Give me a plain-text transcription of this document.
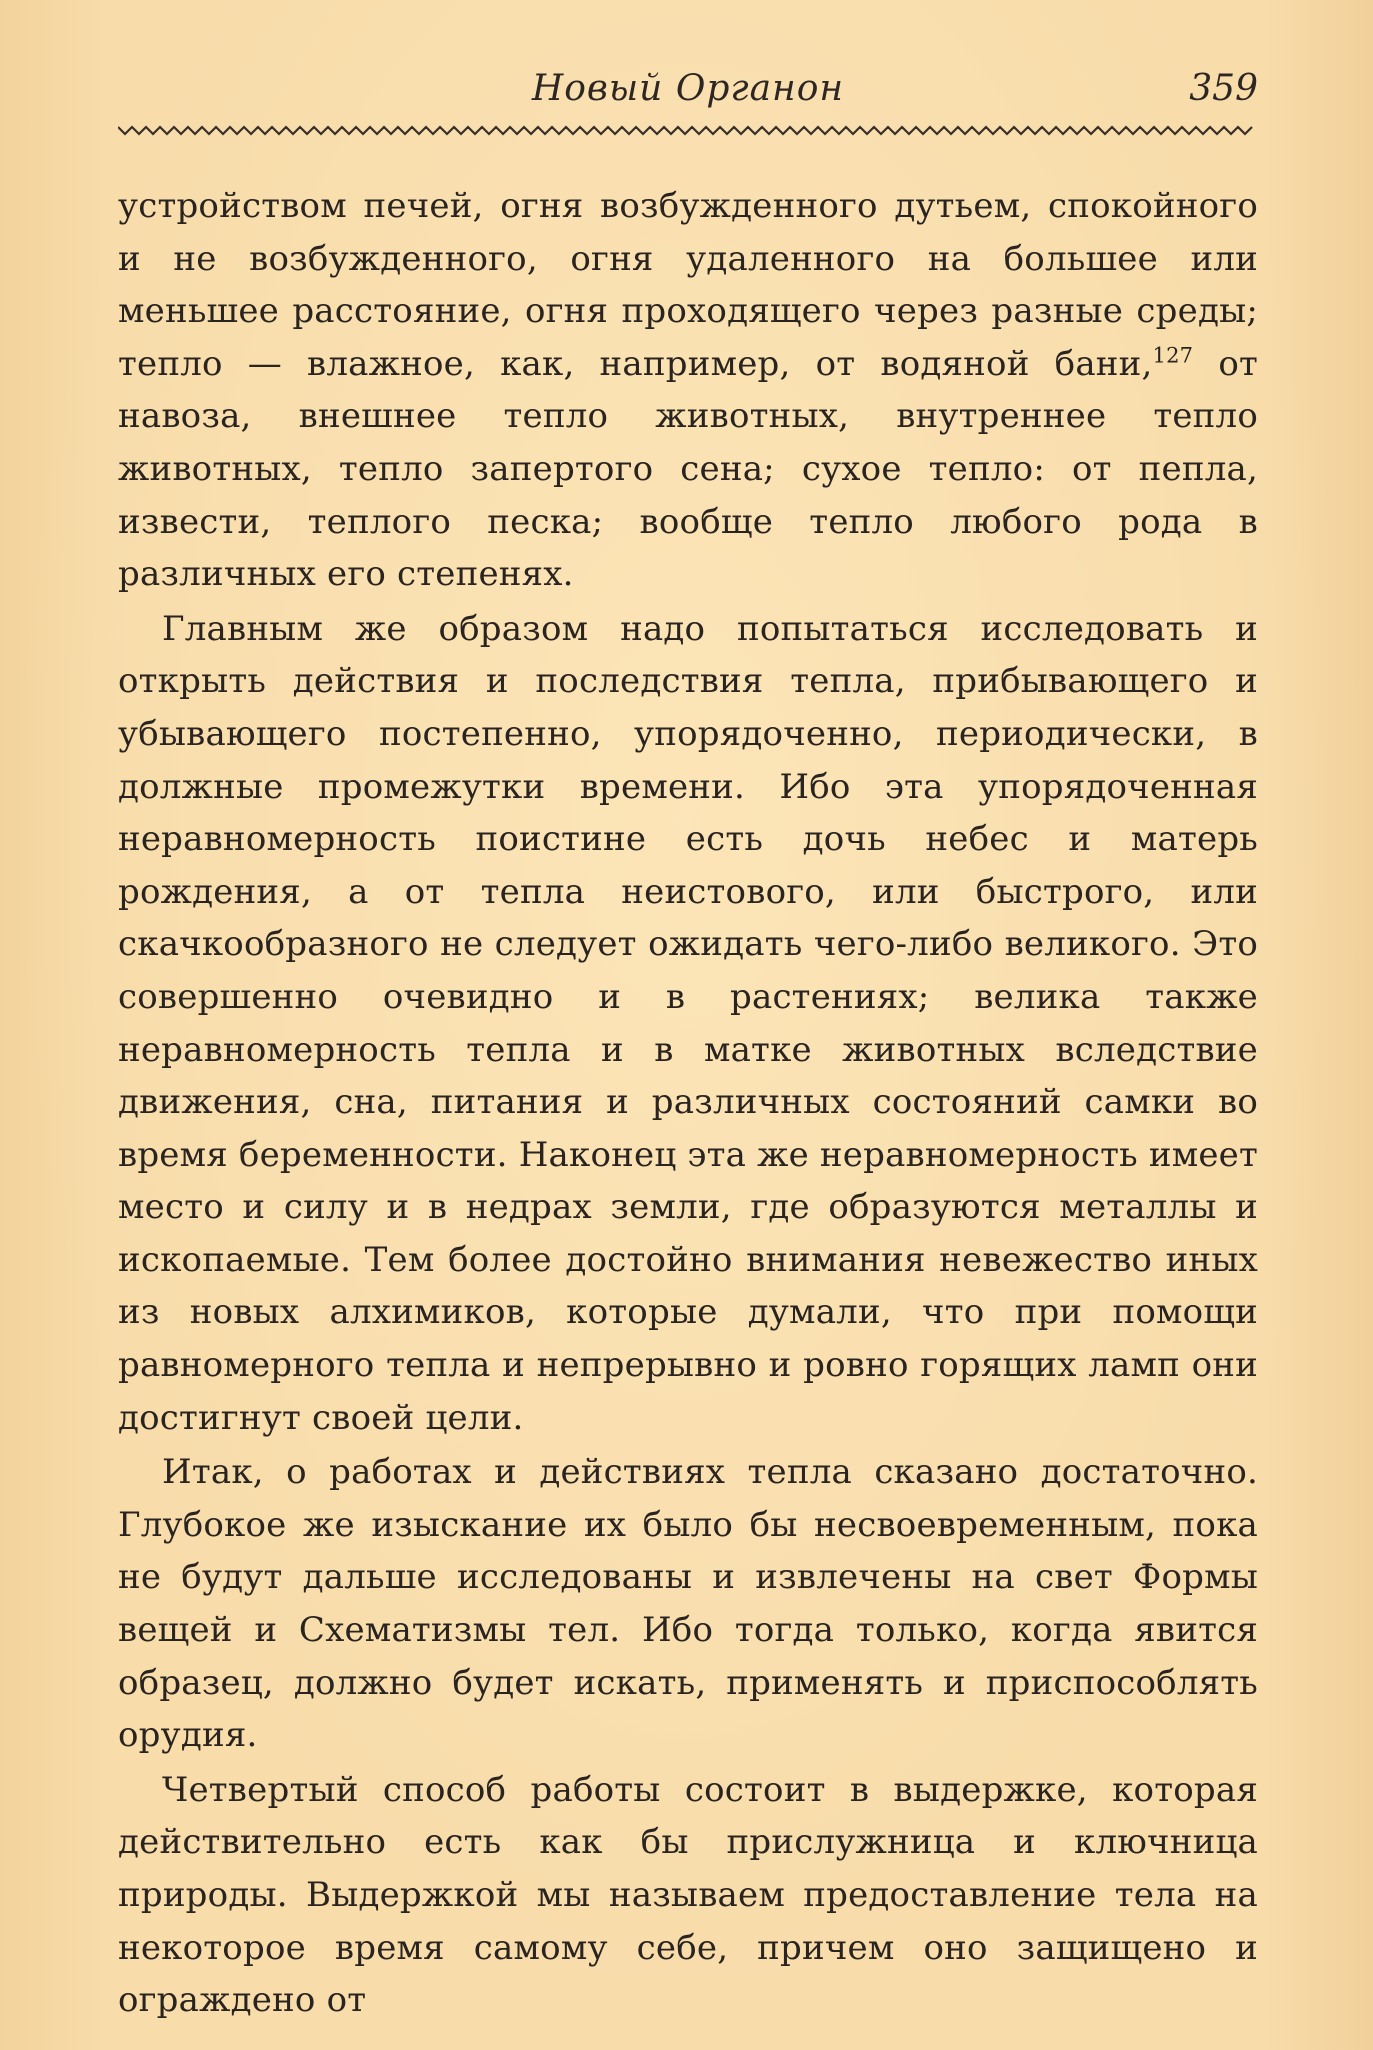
Новый Органон	359

устройством печей, огня возбужденного дутьем, спокойного и не возбужденного, огня удаленного на большее или меньшее расстояние, огня проходящего через разные среды; тепло — влажное, как, например, от водяной бани,$^{127}$ от навоза, внешнее тепло животных, внутреннее тепло животных, тепло запертого сена; сухое тепло: от пепла, извести, теплого песка; вообще тепло любого рода в различных его степенях.

Главным же образом надо попытаться исследовать и открыть действия и последствия тепла, прибывающего и убывающего постепенно, упорядоченно, периодически, в должные промежутки времени. Ибо эта упорядоченная неравномерность поистине есть дочь небес и матерь рождения, а от тепла неистового, или быстрого, или скачкообразного не следует ожидать чего-либо великого. Это совершенно очевидно и в растениях; велика также неравномерность тепла и в матке животных вследствие движения, сна, питания и различных состояний самки во время беременности. Наконец эта же неравномерность имеет место и силу и в недрах земли, где образуются металлы и ископаемые. Тем более достойно внимания невежество иных из новых алхимиков, которые думали, что при помощи равномерного тепла и непрерывно и ровно горящих ламп они достигнут своей цели.

Итак, о работах и действиях тепла сказано достаточно. Глубокое же изыскание их было бы несвоевременным, пока не будут дальше исследованы и извлечены на свет Формы вещей и Схематизмы тел. Ибо тогда только, когда явится образец, должно будет искать, применять и приспособлять орудия.

Четвертый способ работы состоит в выдержке, которая действительно есть как бы прислужница и ключница природы. Выдержкой мы называем предоставление тела на некоторое время самому себе, причем оно защищено и ограждено от
